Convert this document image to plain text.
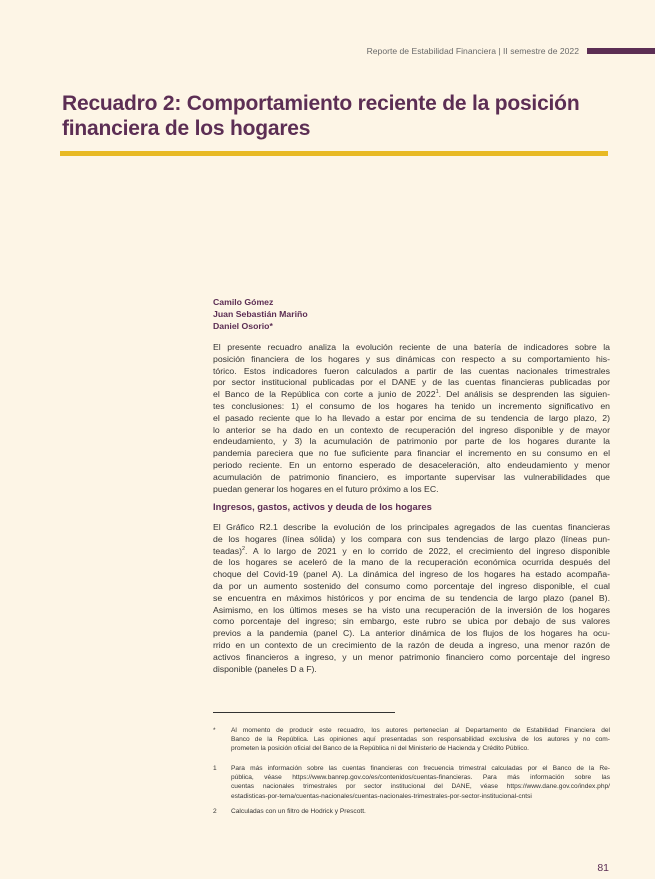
Reporte de Estabilidad Financiera | II semestre de 2022
Recuadro 2: Comportamiento reciente de la posición
financiera de los hogares
Camilo Gómez
Juan Sebastián Mariño
Daniel Osorio*
El presente recuadro analiza la evolución reciente de una batería de indicadores sobre la
posición financiera de los hogares y sus dinámicas con respecto a su comportamiento his-
tórico. Estos indicadores fueron calculados a partir de las cuentas nacionales trimestrales
por sector institucional publicadas por el DANE y de las cuentas financieras publicadas por
el Banco de la República con corte a junio de 2022$^1$. Del análisis se desprenden las siguien-
tes conclusiones: 1) el consumo de los hogares ha tenido un incremento significativo en
el pasado reciente que lo ha llevado a estar por encima de su tendencia de largo plazo, 2)
lo anterior se ha dado en un contexto de recuperación del ingreso disponible y de mayor
endeudamiento, y 3) la acumulación de patrimonio por parte de los hogares durante la
pandemia pareciera que no fue suficiente para financiar el incremento en su consumo en el
periodo reciente. En un entorno esperado de desaceleración, alto endeudamiento y menor
acumulación de patrimonio financiero, es importante supervisar las vulnerabilidades que
puedan generar los hogares en el futuro próximo a los EC.
Ingresos, gastos, activos y deuda de los hogares
El Gráfico R2.1 describe la evolución de los principales agregados de las cuentas financieras
de los hogares (línea sólida) y los compara con sus tendencias de largo plazo (líneas pun-
teadas)$^2$. A lo largo de 2021 y en lo corrido de 2022, el crecimiento del ingreso disponible
de los hogares se aceleró de la mano de la recuperación económica ocurrida después del
choque del Covid-19 (panel A). La dinámica del ingreso de los hogares ha estado acompaña-
da por un aumento sostenido del consumo como porcentaje del ingreso disponible, el cual
se encuentra en máximos históricos y por encima de su tendencia de largo plazo (panel B).
Asimismo, en los últimos meses se ha visto una recuperación de la inversión de los hogares
como porcentaje del ingreso; sin embargo, este rubro se ubica por debajo de sus valores
previos a la pandemia (panel C). La anterior dinámica de los flujos de los hogares ha ocu-
rrido en un contexto de un crecimiento de la razón de deuda a ingreso, una menor razón de
activos financieros a ingreso, y un menor patrimonio financiero como porcentaje del ingreso
disponible (paneles D a F).
*	Al momento de producir este recuadro, los autores pertenecían al Departamento de Estabilidad Financiera del
Banco de la República. Las opiniones aquí presentadas son responsabilidad exclusiva de los autores y no com-
prometen la posición oficial del Banco de la República ni del Ministerio de Hacienda y Crédito Público.
1	Para más información sobre las cuentas financieras con frecuencia trimestral calculadas por el Banco de la Re-
pública, véase https://www.banrep.gov.co/es/contenidos/cuentas-financieras. Para más información sobre las
cuentas nacionales trimestrales por sector institucional del DANE, véase https://www.dane.gov.co/index.php/
estadisticas-por-tema/cuentas-nacionales/cuentas-nacionales-trimestrales-por-sector-institucional-cntsi
2	Calculadas con un filtro de Hodrick y Prescott.
81
